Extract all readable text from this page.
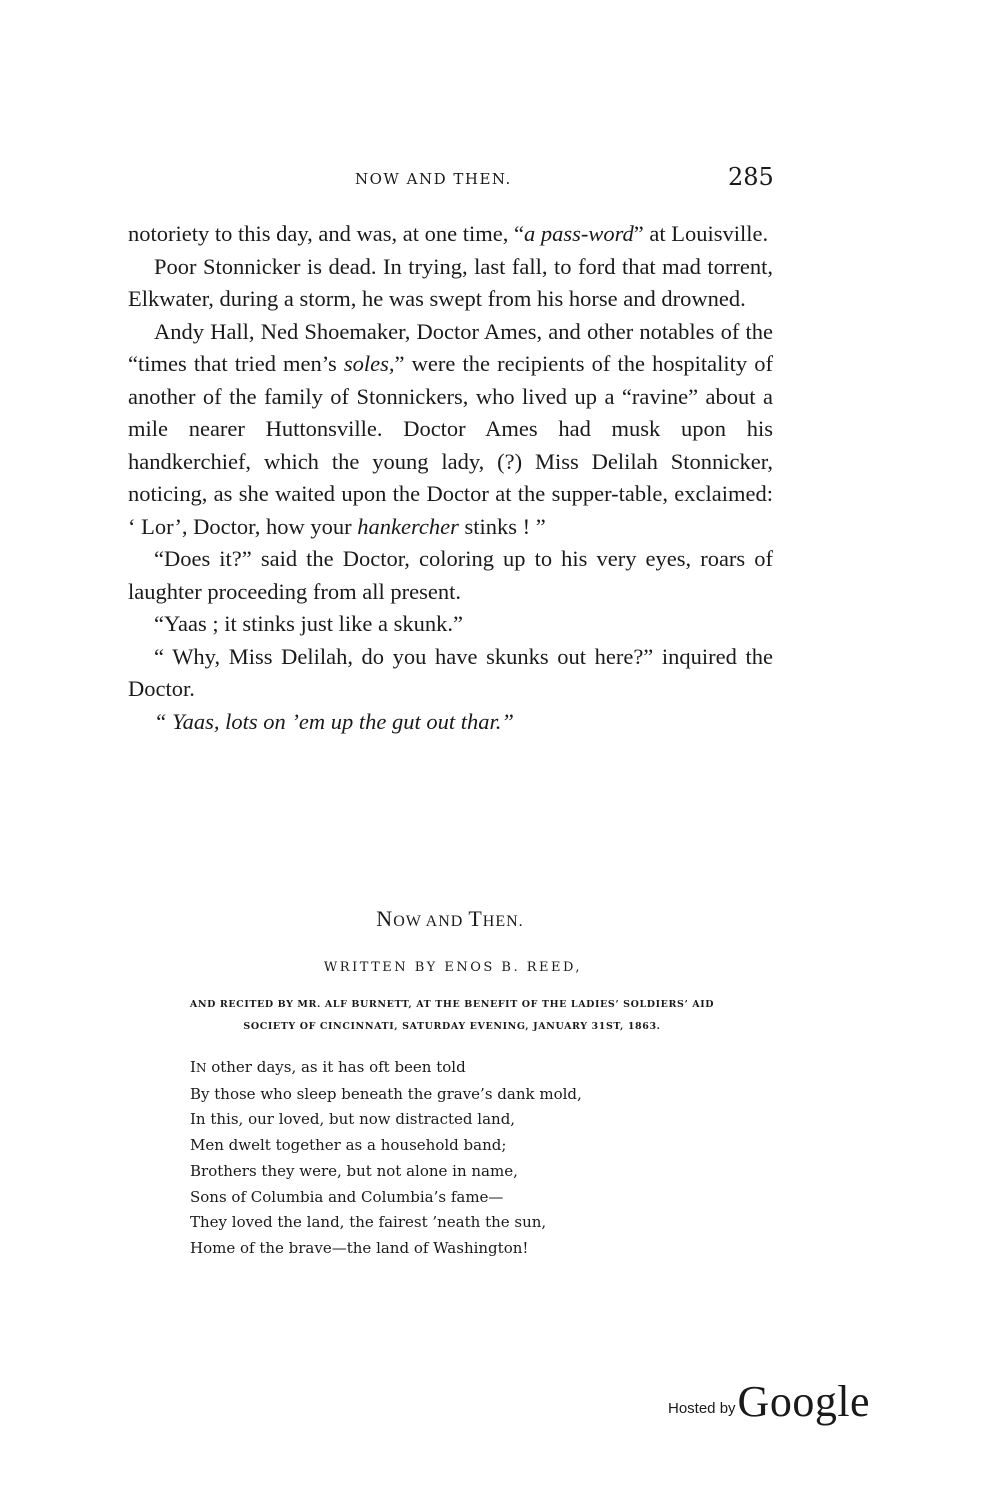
NOW AND THEN.	285

notoriety to this day, and was, at one time, “a pass-word” at Louisville.

Poor Stonnicker is dead. In trying, last fall, to ford that mad torrent, Elkwater, during a storm, he was swept from his horse and drowned.

Andy Hall, Ned Shoemaker, Doctor Ames, and other notables of the “times that tried men’s soles,” were the recipients of the hospitality of another of the family of Stonnickers, who lived up a “ravine” about a mile nearer Huttonsville. Doctor Ames had musk upon his handkerchief, which the young lady, (?) Miss Delilah Stonnicker, noticing, as she waited upon the Doctor at the supper-table, exclaimed: ‘ Lor’, Doctor, how your hankercher stinks ! ”

“Does it?” said the Doctor, coloring up to his very eyes, roars of laughter proceeding from all present.

“Yaas ; it stinks just like a skunk.”

“ Why, Miss Delilah, do you have skunks out here?” inquired the Doctor.

“ Yaas, lots on ’em up the gut out thar.”

NOW AND THEN.
WRITTEN BY ENOS B. REED,
AND RECITED BY MR. ALF BURNETT, AT THE BENEFIT OF THE LADIES’ SOLDIERS’ AID
SOCIETY OF CINCINNATI, SATURDAY EVENING, JANUARY 31ST, 1863.
IN other days, as it has oft been told
By those who sleep beneath the grave’s dank mold,
In this, our loved, but now distracted land,
Men dwelt together as a household band;
Brothers they were, but not alone in name,
Sons of Columbia and Columbia’s fame—
They loved the land, the fairest ’neath the sun,
Home of the brave—the land of Washington!
Hosted by Google
